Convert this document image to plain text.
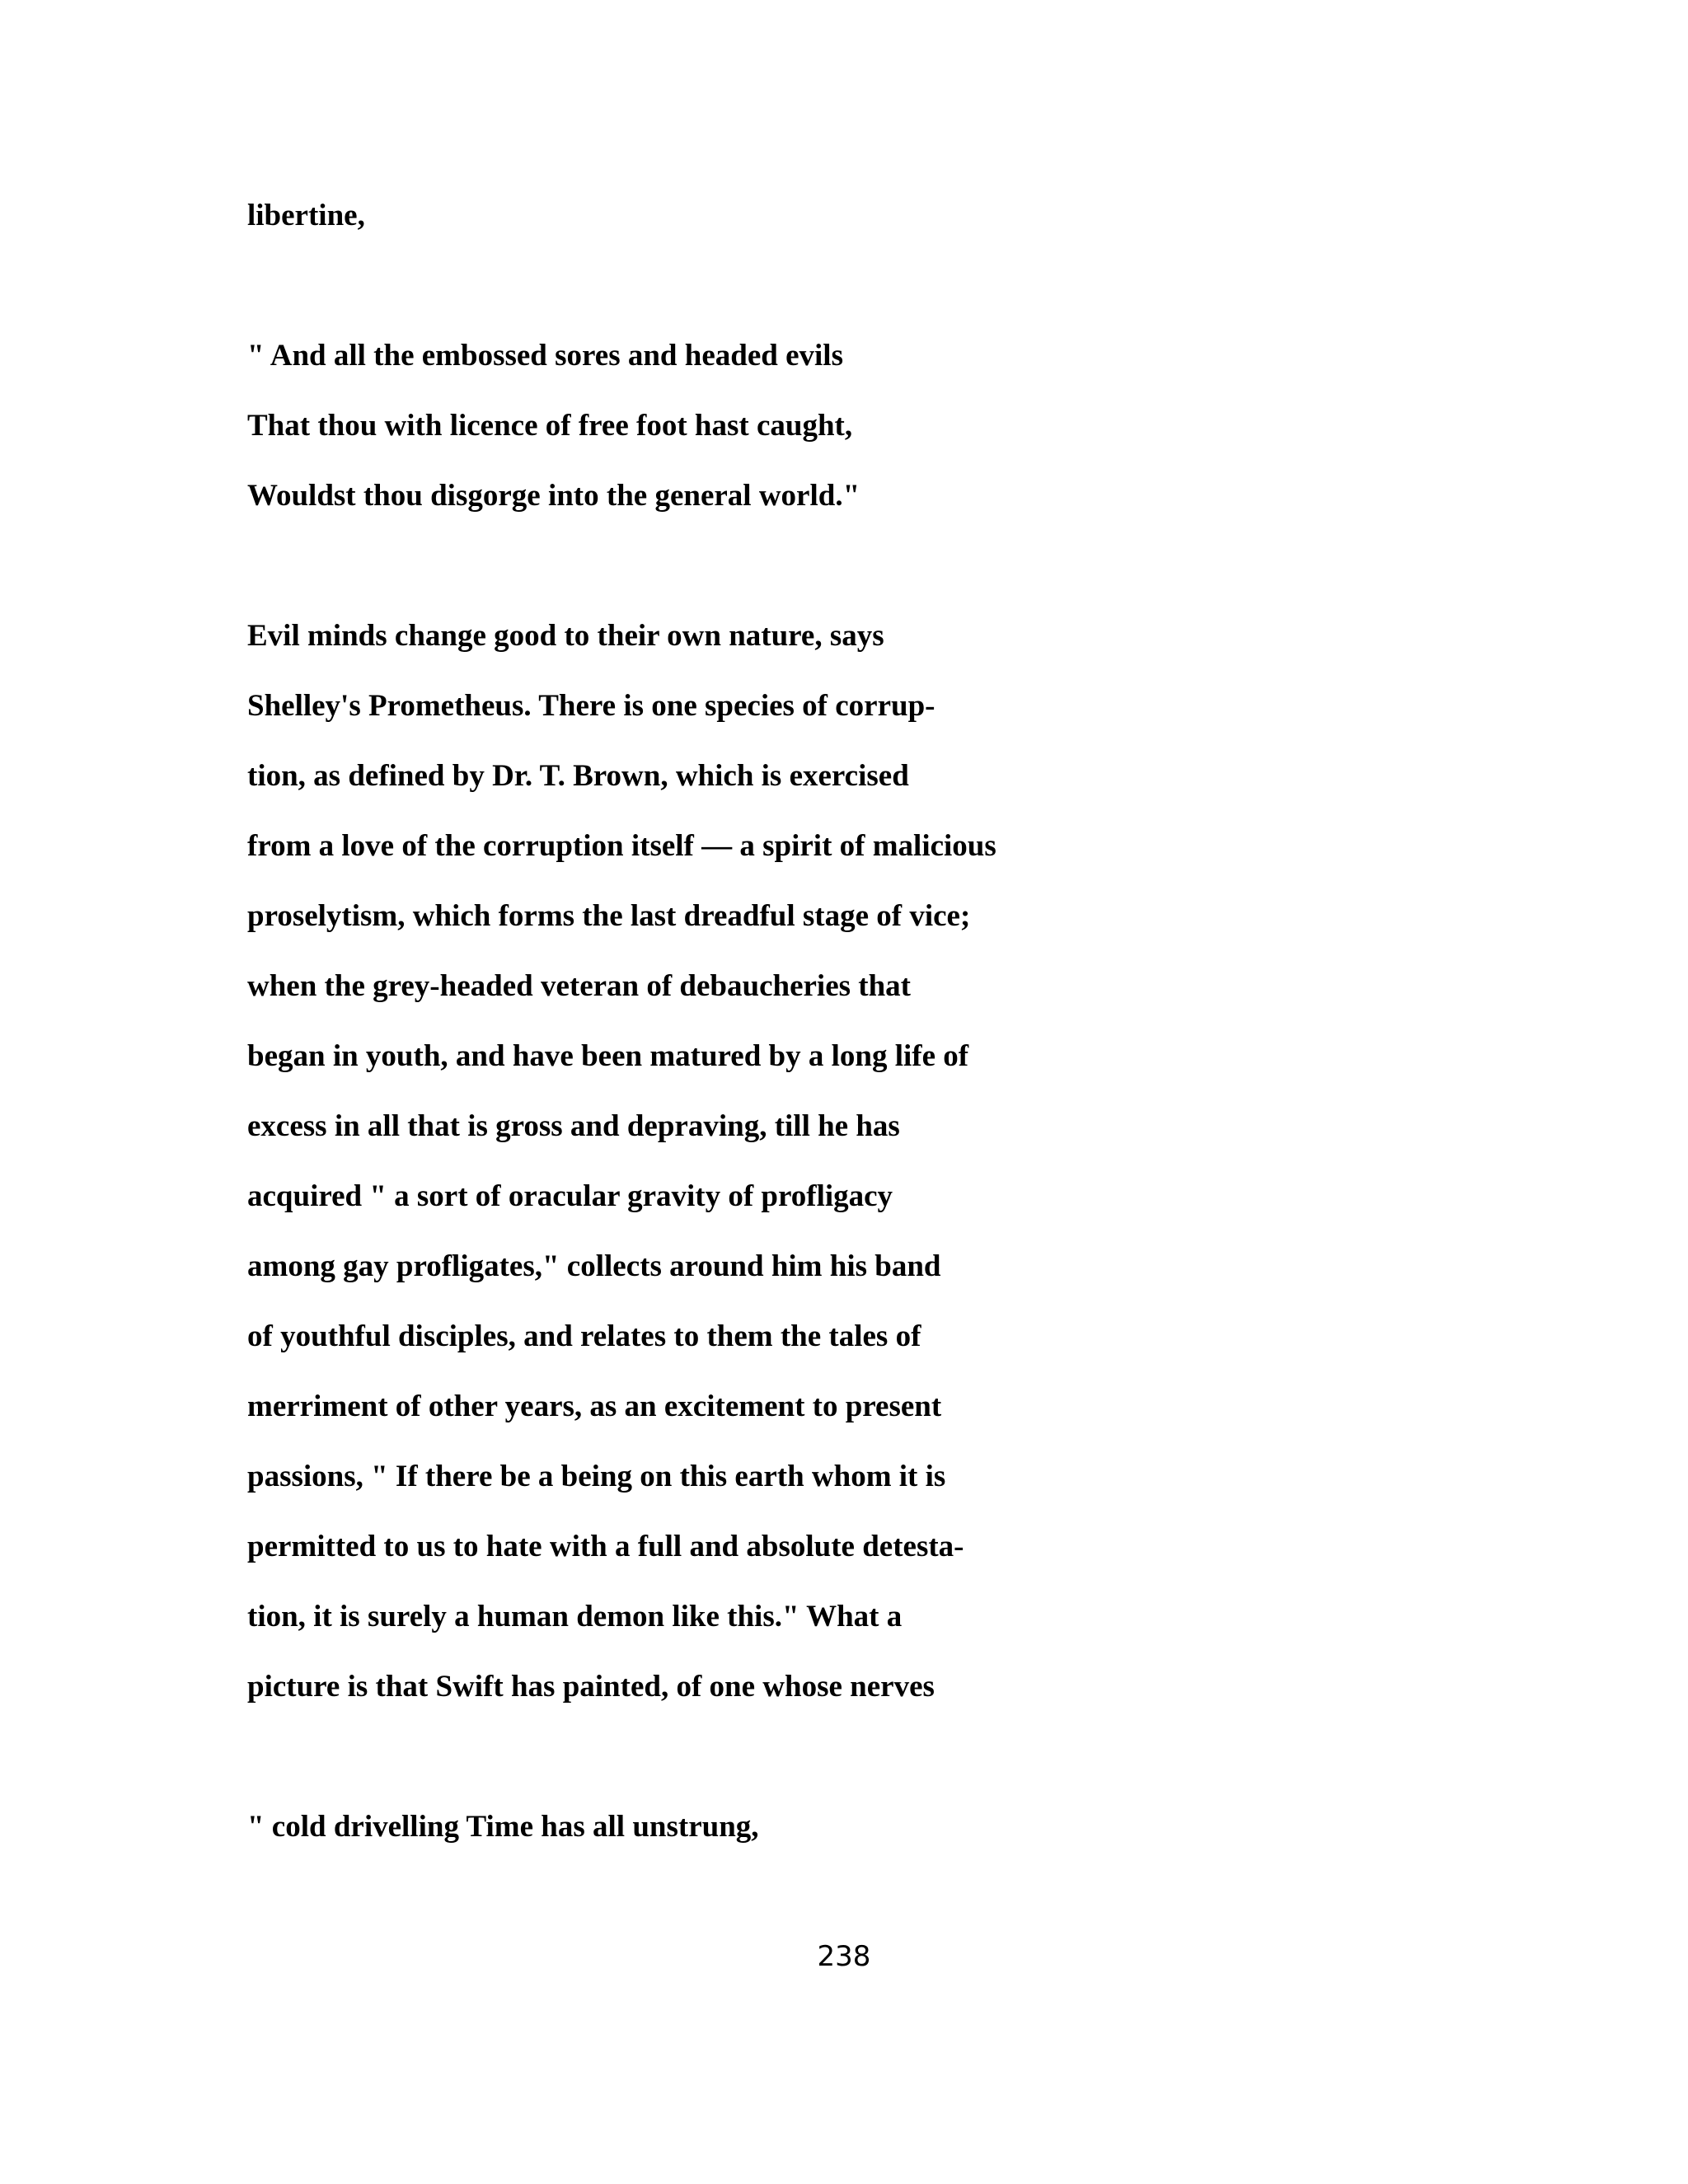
libertine,

" And all the embossed sores and headed evils

That thou with licence of free foot hast caught,

Wouldst thou disgorge into the general world."

Evil minds change good to their own nature, says

Shelley's Prometheus. There is one species of corrup-

tion, as defined by Dr. T. Brown, which is exercised

from a love of the corruption itself — a spirit of malicious

proselytism, which forms the last dreadful stage of vice;

when the grey-headed veteran of debaucheries that

began in youth, and have been matured by a long life of

excess in all that is gross and depraving, till he has

acquired " a sort of oracular gravity of profligacy

among gay profligates," collects around him his band

of youthful disciples, and relates to them the tales of

merriment of other years, as an excitement to present

passions, " If there be a being on this earth whom it is

permitted to us to hate with a full and absolute detesta-

tion, it is surely a human demon like this." What a

picture is that Swift has painted, of one whose nerves

" cold drivelling Time has all unstrung,

238
